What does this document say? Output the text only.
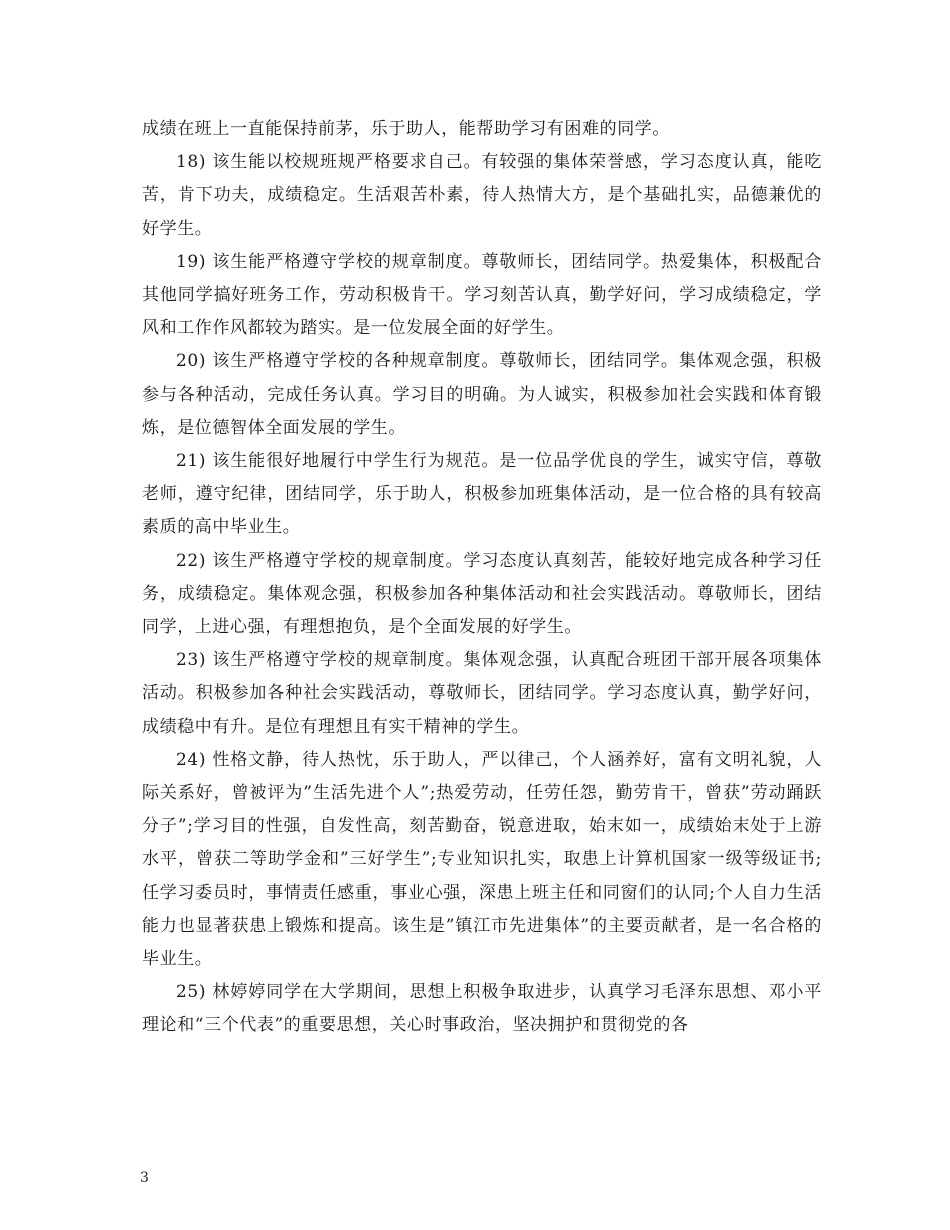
成绩在班上一直能保持前茅，乐于助人，能帮助学习有困难的同学。

18) 该生能以校规班规严格要求自己。有较强的集体荣誉感，学习态度认真，能吃苦，肯下功夫，成绩稳定。生活艰苦朴素，待人热情大方，是个基础扎实，品德兼优的好学生。

19) 该生能严格遵守学校的规章制度。尊敬师长，团结同学。热爱集体，积极配合其他同学搞好班务工作，劳动积极肯干。学习刻苦认真，勤学好问，学习成绩稳定，学风和工作作风都较为踏实。是一位发展全面的好学生。

20) 该生严格遵守学校的各种规章制度。尊敬师长，团结同学。集体观念强，积极参与各种活动，完成任务认真。学习目的明确。为人诚实，积极参加社会实践和体育锻炼，是位德智体全面发展的学生。

21) 该生能很好地履行中学生行为规范。是一位品学优良的学生，诚实守信，尊敬老师，遵守纪律，团结同学，乐于助人，积极参加班集体活动，是一位合格的具有较高素质的高中毕业生。

22) 该生严格遵守学校的规章制度。学习态度认真刻苦，能较好地完成各种学习任务，成绩稳定。集体观念强，积极参加各种集体活动和社会实践活动。尊敬师长，团结同学，上进心强，有理想抱负，是个全面发展的好学生。

23) 该生严格遵守学校的规章制度。集体观念强，认真配合班团干部开展各项集体活动。积极参加各种社会实践活动，尊敬师长，团结同学。学习态度认真，勤学好问，成绩稳中有升。是位有理想且有实干精神的学生。

24) 性格文静，待人热忱，乐于助人，严以律己，个人涵养好，富有文明礼貌，人际关系好，曾被评为”生活先进个人”;热爱劳动，任劳任怨，勤劳肯干，曾获”劳动踊跃分子”;学习目的性强，自发性高，刻苦勤奋，锐意进取，始末如一，成绩始末处于上游水平，曾获二等助学金和”三好学生”;专业知识扎实，取患上计算机国家一级等级证书;任学习委员时，事情责任感重，事业心强，深患上班主任和同窗们的认同;个人自力生活能力也显著获患上锻炼和提高。该生是”镇江市先进集体”的主要贡献者，是一名合格的毕业生。

25) 林婷婷同学在大学期间，思想上积极争取进步，认真学习毛泽东思想、邓小平理论和“三个代表”的重要思想，关心时事政治，坚决拥护和贯彻党的各

3
